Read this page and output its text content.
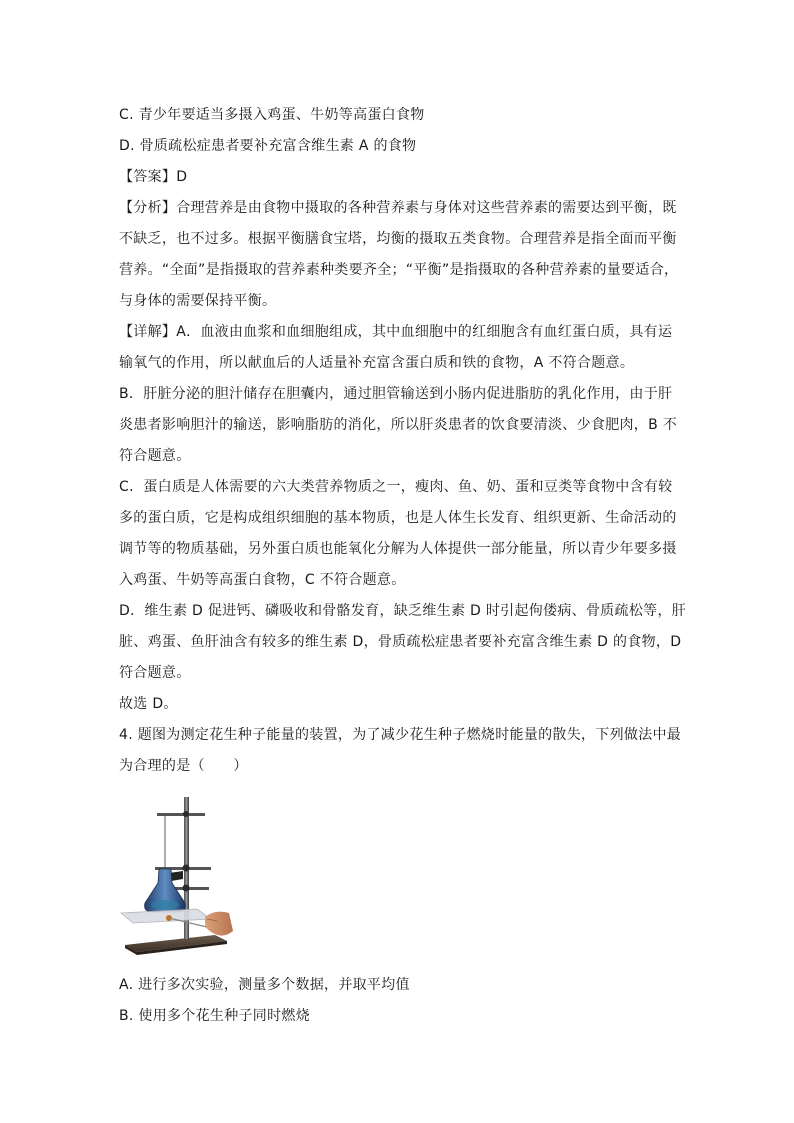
C. 青少年要适当多摄入鸡蛋、牛奶等高蛋白食物
D. 骨质疏松症患者要补充富含维生素 A 的食物
【答案】D
【分析】合理营养是由食物中摄取的各种营养素与身体对这些营养素的需要达到平衡，既
不缺乏，也不过多。根据平衡膳食宝塔，均衡的摄取五类食物。合理营养是指全面而平衡
营养。“全面”是指摄取的营养素种类要齐全；“平衡”是指摄取的各种营养素的量要适合，
与身体的需要保持平衡。
【详解】A．血液由血浆和血细胞组成，其中血细胞中的红细胞含有血红蛋白质，具有运
输氧气的作用，所以献血后的人适量补充富含蛋白质和铁的食物，A 不符合题意。
B．肝脏分泌的胆汁储存在胆囊内，通过胆管输送到小肠内促进脂肪的乳化作用，由于肝
炎患者影响胆汁的输送，影响脂肪的消化，所以肝炎患者的饮食要清淡、少食肥肉，B 不
符合题意。
C．蛋白质是人体需要的六大类营养物质之一，瘦肉、鱼、奶、蛋和豆类等食物中含有较
多的蛋白质，它是构成组织细胞的基本物质，也是人体生长发育、组织更新、生命活动的
调节等的物质基础，另外蛋白质也能氧化分解为人体提供一部分能量，所以青少年要多摄
入鸡蛋、牛奶等高蛋白食物，C 不符合题意。
D．维生素 D 促进钙、磷吸收和骨骼发育，缺乏维生素 D 时引起佝偻病、骨质疏松等，肝
脏、鸡蛋、鱼肝油含有较多的维生素 D，骨质疏松症患者要补充富含维生素 D 的食物，D
符合题意。
故选 D。
4. 题图为测定花生种子能量的装置，为了减少花生种子燃烧时能量的散失，下列做法中最
为合理的是（　　）
A. 进行多次实验，测量多个数据，并取平均值
B. 使用多个花生种子同时燃烧
